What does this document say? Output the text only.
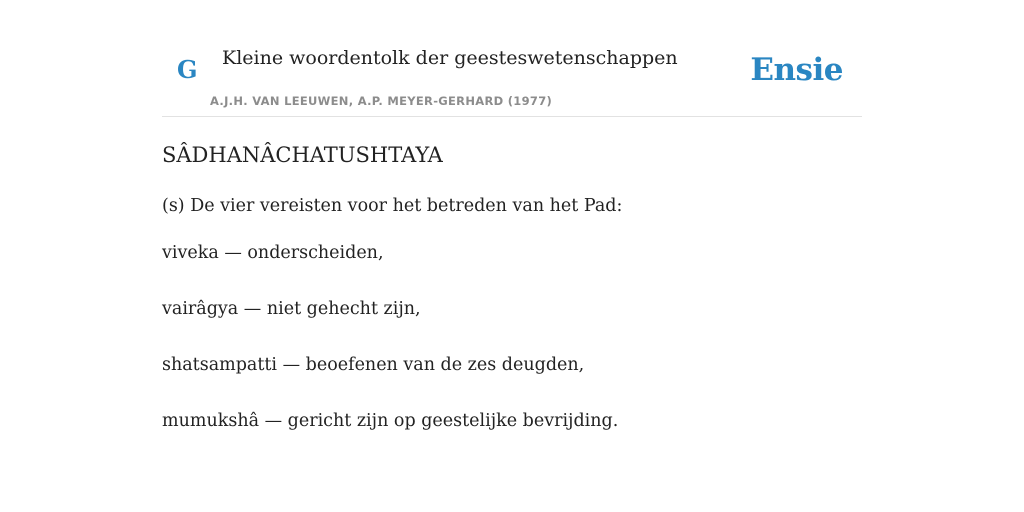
G Kleine woordentolk der geesteswetenschappen
A.J.H. VAN LEEUWEN, A.P. MEYER-GERHARD (1977)
Ensie
SÂDHANÂCHATUSHTAYA

(s) De vier vereisten voor het betreden van het Pad:

viveka — onderscheiden,

vairâgya — niet gehecht zijn,

shatsampatti — beoefenen van de zes deugden,

mumukshâ — gericht zijn op geestelijke bevrijding.
